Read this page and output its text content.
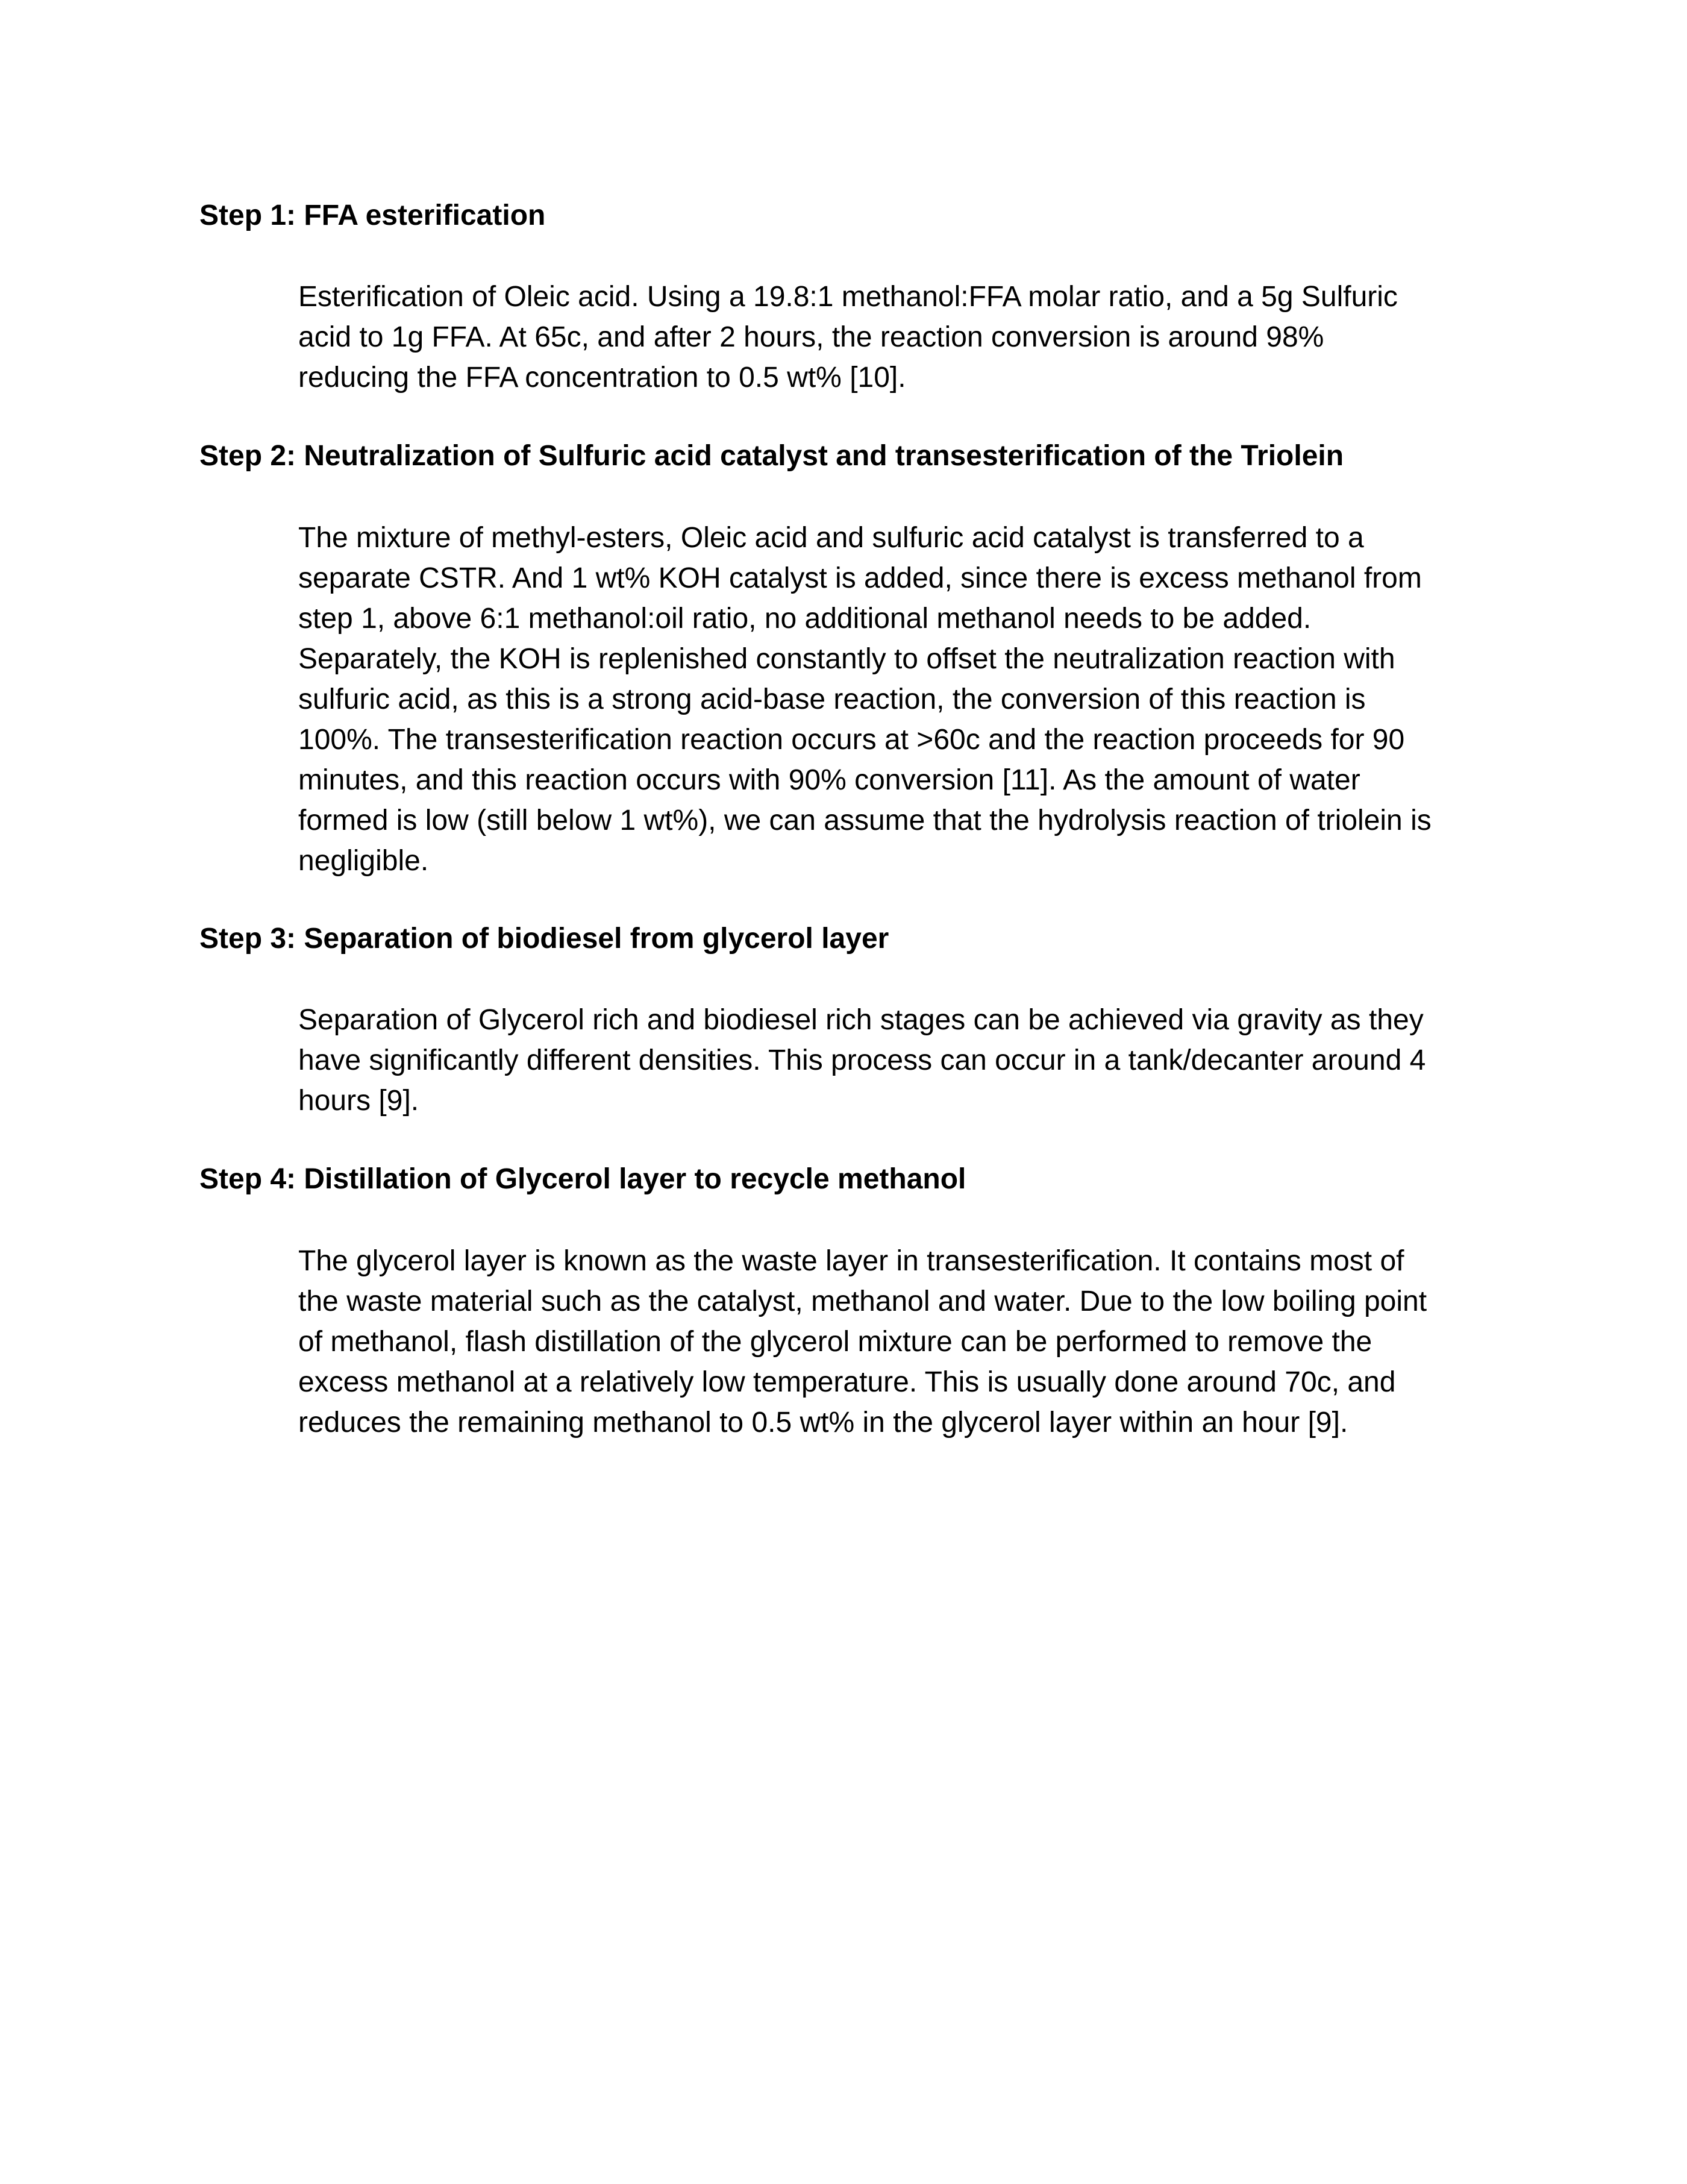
Step 1: FFA esterification
Esterification of Oleic acid. Using a 19.8:1 methanol:FFA molar ratio, and a 5g Sulfuric
acid to 1g FFA. At 65c, and after 2 hours, the reaction conversion is around 98%
reducing the FFA concentration to 0.5 wt% [10].
Step 2: Neutralization of Sulfuric acid catalyst and transesterification of the Triolein
The mixture of methyl-esters, Oleic acid and sulfuric acid catalyst is transferred to a
separate CSTR. And 1 wt% KOH catalyst is added, since there is excess methanol from
step 1, above 6:1 methanol:oil ratio, no additional methanol needs to be added.
Separately, the KOH is replenished constantly to offset the neutralization reaction with
sulfuric acid, as this is a strong acid-base reaction, the conversion of this reaction is
100%. The transesterification reaction occurs at >60c and the reaction proceeds for 90
minutes, and this reaction occurs with 90% conversion [11]. As the amount of water
formed is low (still below 1 wt%), we can assume that the hydrolysis reaction of triolein is
negligible.
Step 3: Separation of biodiesel from glycerol layer
Separation of Glycerol rich and biodiesel rich stages can be achieved via gravity as they
have significantly different densities. This process can occur in a tank/decanter around 4
hours [9].
Step 4: Distillation of Glycerol layer to recycle methanol
The glycerol layer is known as the waste layer in transesterification. It contains most of
the waste material such as the catalyst, methanol and water. Due to the low boiling point
of methanol, flash distillation of the glycerol mixture can be performed to remove the
excess methanol at a relatively low temperature. This is usually done around 70c, and
reduces the remaining methanol to 0.5 wt% in the glycerol layer within an hour [9].
